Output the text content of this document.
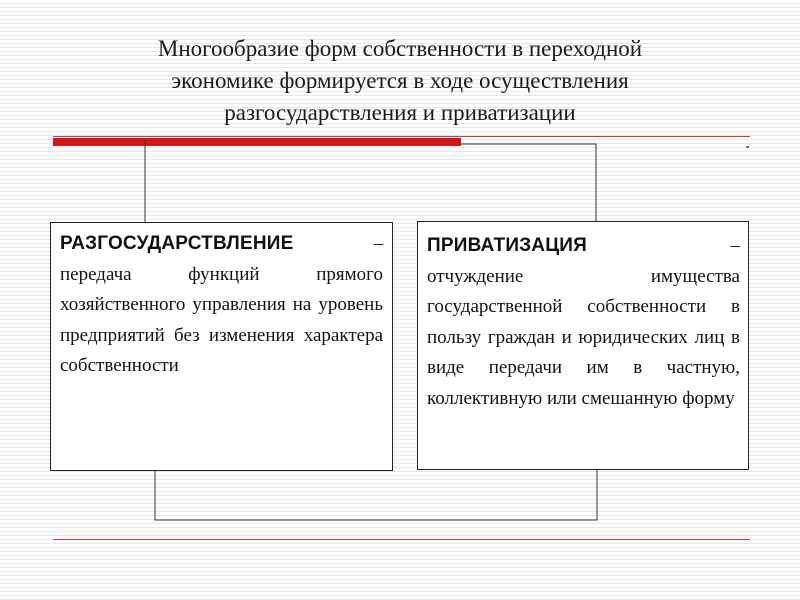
Многообразие форм собственности в переходной
экономике формируется в ходе осуществления
разгосударствления и приватизации
РАЗГОСУДАРСТВЛЕНИЕ	–
передача функций прямого хозяйственного управления на уровень предприятий без изменения характера собственности
ПРИВАТИЗАЦИЯ	–
отчуждение имущества государственной собственности в пользу граждан и юридических лиц в виде передачи им в частную, коллективную или смешанную форму
